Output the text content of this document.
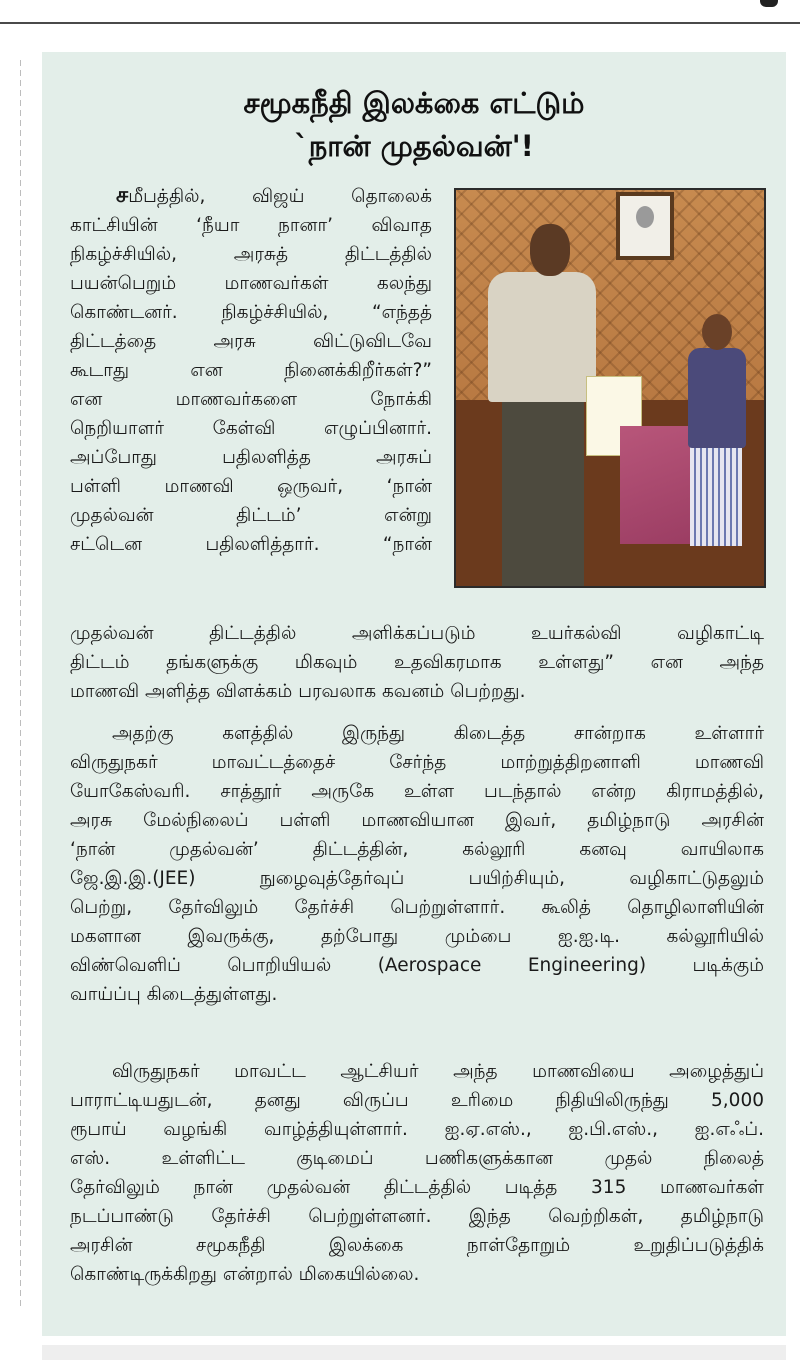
சமூகநீதி இலக்கை எட்டும்
`நான் முதல்வன்'!
சமீபத்தில், விஜய் தொலைக்
காட்சியின் ‘நீயா நானா’ விவாத
நிகழ்ச்சியில், அரசுத் திட்டத்தில்
பயன்பெறும் மாணவர்கள் கலந்து
கொண்டனர். நிகழ்ச்சியில், “எந்தத்
திட்டத்தை அரசு விட்டுவிடவே
கூடாது என நினைக்கிறீர்கள்?”
என மாணவர்களை நோக்கி
நெறியாளர் கேள்வி எழுப்பினார்.
அப்போது பதிலளித்த அரசுப்
பள்ளி மாணவி ஒருவர், ‘நான்
முதல்வன் திட்டம்’ என்று
சட்டென பதிலளித்தார். “நான்
முதல்வன் திட்டத்தில் அளிக்கப்படும் உயர்கல்வி வழிகாட்டி
திட்டம் தங்களுக்கு மிகவும் உதவிகரமாக உள்ளது” என அந்த
மாணவி அளித்த விளக்கம் பரவலாக கவனம் பெற்றது.
அதற்கு களத்தில் இருந்து கிடைத்த சான்றாக உள்ளார்
விருதுநகர் மாவட்டத்தைச் சேர்ந்த மாற்றுத்திறனாளி மாணவி
யோகேஸ்வரி. சாத்தூர் அருகே உள்ள படந்தால் என்ற கிராமத்தில்,
அரசு மேல்நிலைப் பள்ளி மாணவியான இவர், தமிழ்நாடு அரசின்
‘நான் முதல்வன்’ திட்டத்தின், கல்லூரி கனவு வாயிலாக
ஜே.இ.இ.(JEE) நுழைவுத்தேர்வுப் பயிற்சியும், வழிகாட்டுதலும்
பெற்று, தேர்விலும் தேர்ச்சி பெற்றுள்ளார். கூலித் தொழிலாளியின்
மகளான இவருக்கு, தற்போது மும்பை ஐ.ஐ.டி. கல்லூரியில்
விண்வெளிப் பொறியியல் (Aerospace Engineering) படிக்கும்
வாய்ப்பு கிடைத்துள்ளது.
விருதுநகர் மாவட்ட ஆட்சியர் அந்த மாணவியை அழைத்துப்
பாராட்டியதுடன், தனது விருப்ப உரிமை நிதியிலிருந்து 5,000
ரூபாய் வழங்கி வாழ்த்தியுள்ளார். ஐ.ஏ.எஸ்., ஐ.பி.எஸ்., ஐ.எஃப்.
எஸ். உள்ளிட்ட குடிமைப் பணிகளுக்கான முதல் நிலைத்
தேர்விலும் நான் முதல்வன் திட்டத்தில் படித்த 315 மாணவர்கள்
நடப்பாண்டு தேர்ச்சி பெற்றுள்ளனர். இந்த வெற்றிகள், தமிழ்நாடு
அரசின் சமூகநீதி இலக்கை நாள்தோறும் உறுதிப்படுத்திக்
கொண்டிருக்கிறது என்றால் மிகையில்லை.
